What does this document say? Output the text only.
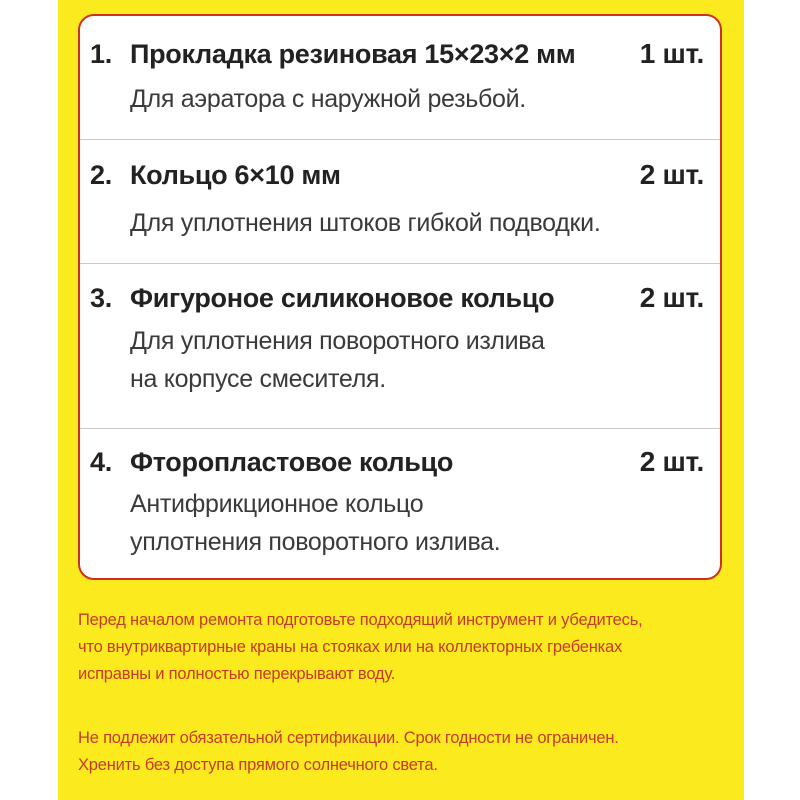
1. Прокладка резиновая 15×23×2 мм 1 шт.
Для аэратора с наружной резьбой.
2. Кольцо 6×10 мм	2 шт.
Для уплотнения штоков гибкой подводки.
3. Фигуроное силиконовое кольцо	2 шт.
Для уплотнения поворотного излива
на корпусе смесителя.
4. Фторопластовое кольцо	2 шт.
Антифрикционное кольцо
уплотнения поворотного излива.

Перед началом ремонта подготовьте подходящий инструмент и убедитесь,

что внутриквартирные краны на стояках или на коллекторных гребенках

исправны и полностью перекрывают воду.

Не подлежит обязательной сертификации. Срок годности не ограничен.

Хренить без доступа прямого солнечного света.
